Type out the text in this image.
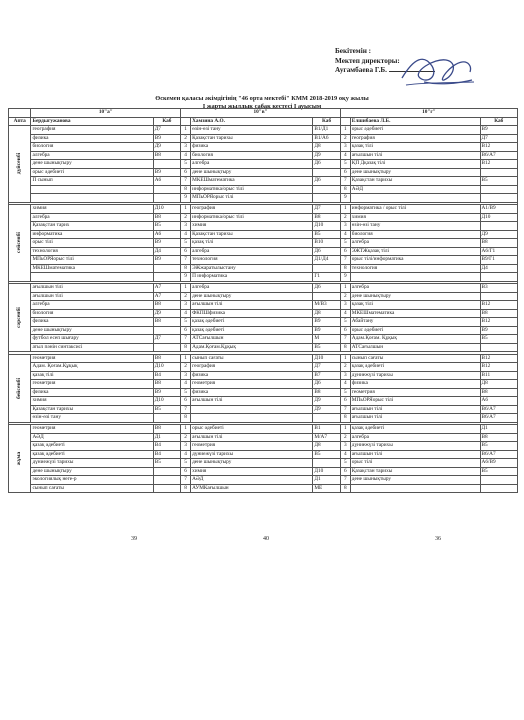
Бекітемін :
Мектеп директоры:
Аугамбаева Г.Б.
Өскемен қаласы әкімдігінің "46 орта мектебі" КММ 2018-2019 оқу жылы
I жарты жылдық сабақ кестесі I ауысым
	10"а"		10"в"			10"г"		
Апта	Бердыгужанова	Каб		Хамзина А.О.	Каб		Елшибаева Л.Б.	Каб
дүйсенбі	география	Д7	1	өзін-өзі тану	В1/Д1	1	орыс әдебиеті	В9
	физика	В9	2	Қазақстан тарихы	В1/А6	2	география	Д7
	биология	Д9	3	физика	Д8	3	қазақ тілі	В12
	алгебра	В8	4	биология	Д9	4	ағылшын тілі	В6/А7
	дене шынықтыру		5	алгебра	Д6	5	ҚП Дқазақ тілі	В12
	орыс әдебиеті	В9	6	дене шынықтыру		6	дене шынықтыру	
	П сынып	А6	7	МКЕШматематика	Д6	7	Қазақстан тарихы	В5
			8	информатика/орыс тілі		8	АӘД	
			9	МПьОРЯорыс тілі		9		

сейсенбі	химия	Д10	1	география	Д7	1	информатика / орыс тілі	А1/В9
	алгебра	В8	2	информатика/орыс тілі	В8	2	химия	Д10
	Қазақстан тарих	В5	3	химия	Д10	3	өзін-өзі тану	
	информатика	А6	4	Қазақстан тарихы	В5	4	биология	Д9
	орыс тілі	В9	5	қазақ тілі	В10	5	алгебра	В8
	технология	Д4	6	алгебра	Д6	6	ЭЖТЖқазақ тілі	А6/Г1
	МПьОРЯорыс тілі	В9	7	технология	Д1/Д4	7	орыс тілі/информатика	В9/Г1
	МКЕШматематика		8	ЭЖжаратылыстану		8	технология	Д4
			9	П информатика	Г1	9		

сәрсенбі	ағылшын тілі	А7	1	алгебра	Д6	1	алгебра	В3
	ағылшын тілі	А7	2	дене шынықтыру		2	дене шынықтыру	
	алгебра	В8	3	ағылшын тілі	М/В3	3	қазақ тілі	В12
	биология	Д9	4	ФКПШфизика	Д8	4	МКЕШматематика	В8
	физика	В8	5	қазақ әдебиеті	В9	5	Абайтану	В12
	дене шынықтыру		6	қазақ әдебиеті	В9	6	орыс әдебиеті	В9
	футбол есеп шығару	Д7	7	АТСағылшын	М	7	Адам.Қоғам. Құқық	В5
	атыл пәнін синтаксисі		8	Адам.Қоғам.Құқық	В5	8	АТСағылшын	

бейсенбі	геометрия	В8	1	сынып сағаты	Д10	1	сынып сағаты	В12
	Адам. Қоғам.Құқық	Д10	2	география	Д7	2	қазақ әдебиеті	В12
	қазақ тілі	В4	3	физика	В7	3	дүниежүзі тарихы	В11
	геометрия	В8	4	геометрия	Д6	4	физика	Д8
	физика	В9	5	физика	В8	5	геометрия	В8
	химия	Д10	6	ағылшын тілі	Д9	6	МПьОРЯорыс тілі	А6
	Қазақстан тарихы	В5	7		Д9	7	ағылшын тілі	В6/А7
	өзін-өзі тану		8			8	ағылшын тілі	В6/А7

жұма	геометрия	В8	1	орыс әдебиеті	В1	1	қазақ әдебиеті	Д1
	АӘД	Д1	2	ағылшын тілі	М/А7	2	алгебра	В8
	қазақ әдебиеті	В4	3	геометрия	Д8	3	дүниежүзі тарихы	В5
	қазақ әдебиеті	В4	4	дүниежүзі тарихы	В5	4	ағылшын тілі	В6/А7
	дүниежүзі тарихы	В5	5	дене шынықтыру		5	орыс тілі	А6/В9
	дене шынықтыру		6	химия	Д10	6	Қазақстан тарихы	В5
	экологиялық неге-р		7	АӘД	Д1	7	дене шынықтыру	
	сынып сағаты		8	АУМКағылшын	МЕ	8		
39	40	36
